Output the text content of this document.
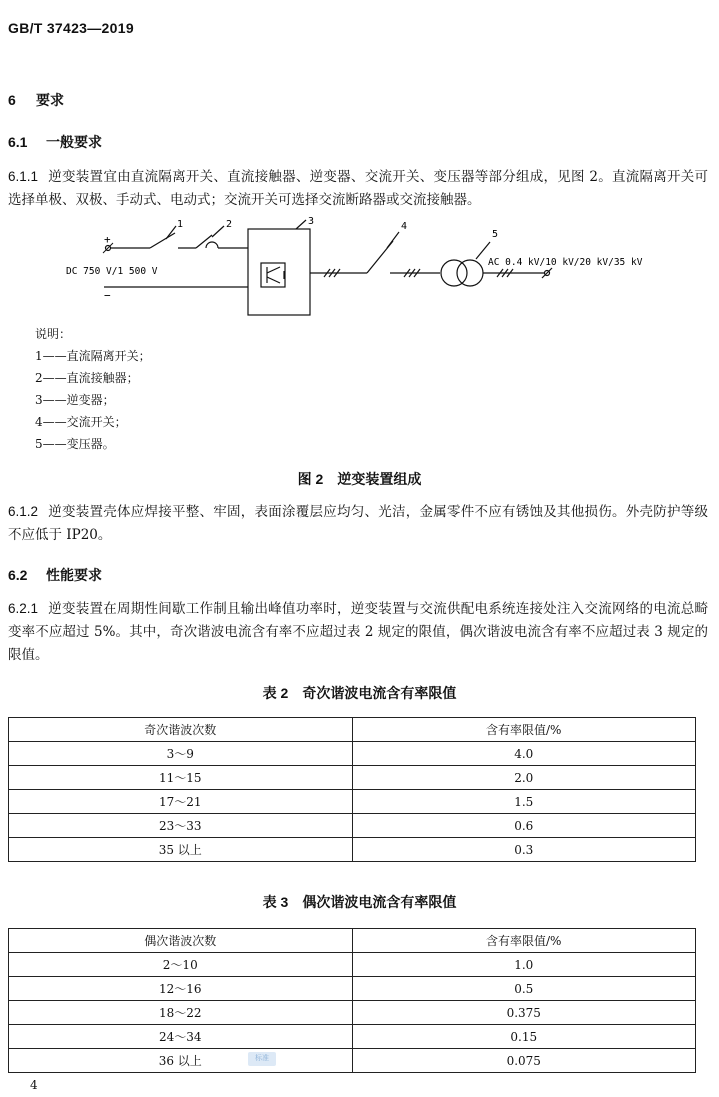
GB/T 37423—2019
6 要求
6.1 一般要求
6.1.1 逆变装置宜由直流隔离开关、直流接触器、逆变器、交流开关、变压器等部分组成，见图 2。直流隔离开关可选择单极、双极、手动式、电动式；交流开关可选择交流断路器或交流接触器。
+
−
DC 750 V/1 500 V
AC 0.4 kV/10 kV/20 kV/35 kV
1	2	3	4
5
说明：
1——直流隔离开关；
2——直流接触器；
3——逆变器；
4——交流开关；
5——变压器。
图 2　逆变装置组成
6.1.2 逆变装置壳体应焊接平整、牢固，表面涂覆层应均匀、光洁，金属零件不应有锈蚀及其他损伤。外壳防护等级不应低于 IP20。
6.2 性能要求
6.2.1 逆变装置在周期性间歇工作制且输出峰值功率时，逆变装置与交流供配电系统连接处注入交流网络的电流总畸变率不应超过 5%。其中，奇次谐波电流含有率不应超过表 2 规定的限值，偶次谐波电流含有率不应超过表 3 规定的限值。
表 2　奇次谐波电流含有率限值
奇次谐波次数	含有率限值/%
3～9	4.0
11～15	2.0
17～21	1.5
23～33	0.6
35 以上	0.3
表 3　偶次谐波电流含有率限值
偶次谐波次数	含有率限值/%
2～10	1.0
12～16	0.5
18～22	0.375
24～34	0.15
36 以上	0.075
标准
4
